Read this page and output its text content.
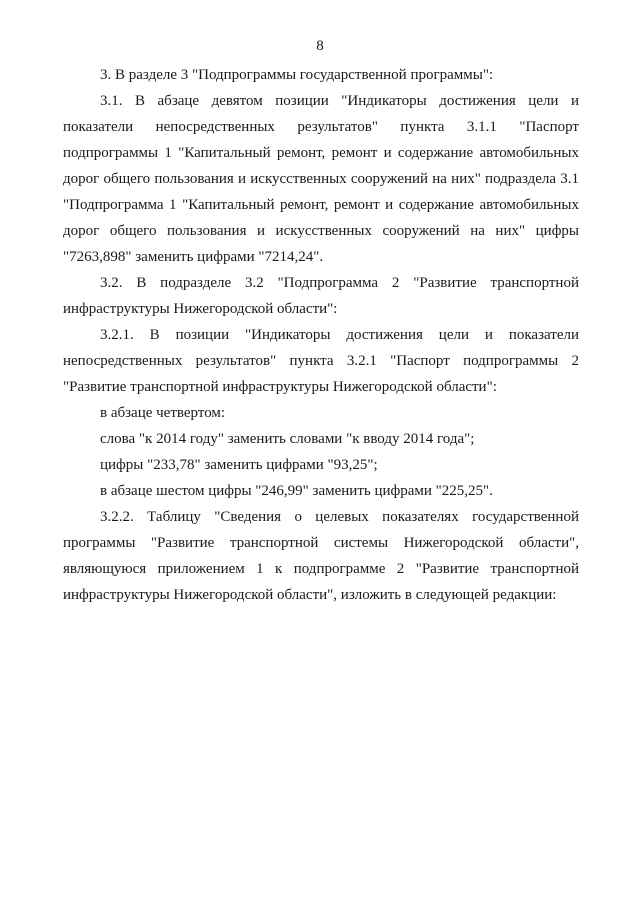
8

3. В разделе 3 "Подпрограммы государственной программы":

3.1. В абзаце девятом позиции "Индикаторы достижения цели и показатели непосредственных результатов" пункта 3.1.1 "Паспорт подпрограммы 1 "Капитальный ремонт, ремонт и содержание автомобильных дорог общего пользования и искусственных сооружений на них" подраздела 3.1 "Подпрограмма 1 "Капитальный ремонт, ремонт и содержание автомобильных дорог общего пользования и искусственных сооружений на них" цифры "7263,898" заменить цифрами "7214,24".

3.2. В подразделе 3.2 "Подпрограмма 2 "Развитие транспортной инфраструктуры Нижегородской области":

3.2.1. В позиции "Индикаторы достижения цели и показатели непосредственных результатов" пункта 3.2.1 "Паспорт подпрограммы 2 "Развитие транспортной инфраструктуры Нижегородской области":

в абзаце четвертом:

слова "к 2014 году" заменить словами "к вводу 2014 года";

цифры "233,78" заменить цифрами "93,25";

в абзаце шестом цифры "246,99" заменить цифрами "225,25".

3.2.2. Таблицу "Сведения о целевых показателях государственной программы "Развитие транспортной системы Нижегородской области", являющуюся приложением 1 к подпрограмме 2 "Развитие транспортной инфраструктуры Нижегородской области", изложить в следующей редакции:
